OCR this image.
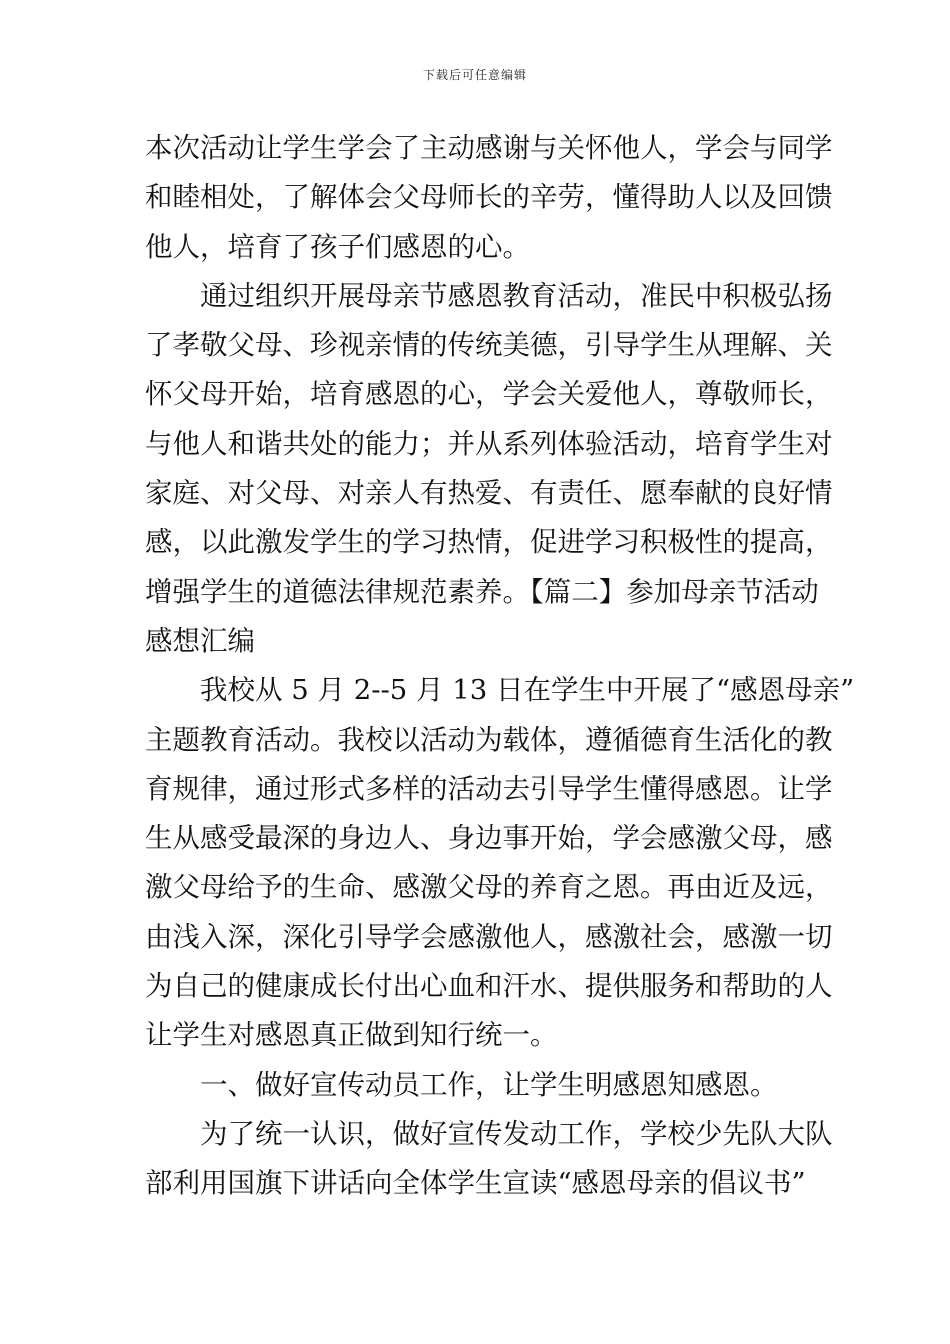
下载后可任意编辑
本次活动让学生学会了主动感谢与关怀他人，学会与同学
和睦相处，了解体会父母师长的辛劳，懂得助人以及回馈
他人，培育了孩子们感恩的心。
通过组织开展母亲节感恩教育活动，准民中积极弘扬
了孝敬父母、珍视亲情的传统美德，引导学生从理解、关
怀父母开始，培育感恩的心，学会关爱他人，尊敬师长，
与他人和谐共处的能力；并从系列体验活动，培育学生对
家庭、对父母、对亲人有热爱、有责任、愿奉献的良好情
感，以此激发学生的学习热情，促进学习积极性的提高，
增强学生的道德法律规范素养。【篇二】参加母亲节活动
感想汇编
我校从 5 月 2--5 月 13 日在学生中开展了“感恩母亲”
主题教育活动。我校以活动为载体，遵循德育生活化的教
育规律，通过形式多样的活动去引导学生懂得感恩。让学
生从感受最深的身边人、身边事开始，学会感激父母，感
激父母给予的生命、感激父母的养育之恩。再由近及远，
由浅入深，深化引导学会感激他人，感激社会，感激一切
为自己的健康成长付出心血和汗水、提供服务和帮助的人
让学生对感恩真正做到知行统一。
一、做好宣传动员工作，让学生明感恩知感恩。
为了统一认识，做好宣传发动工作，学校少先队大队
部利用国旗下讲话向全体学生宣读“感恩母亲的倡议书”
